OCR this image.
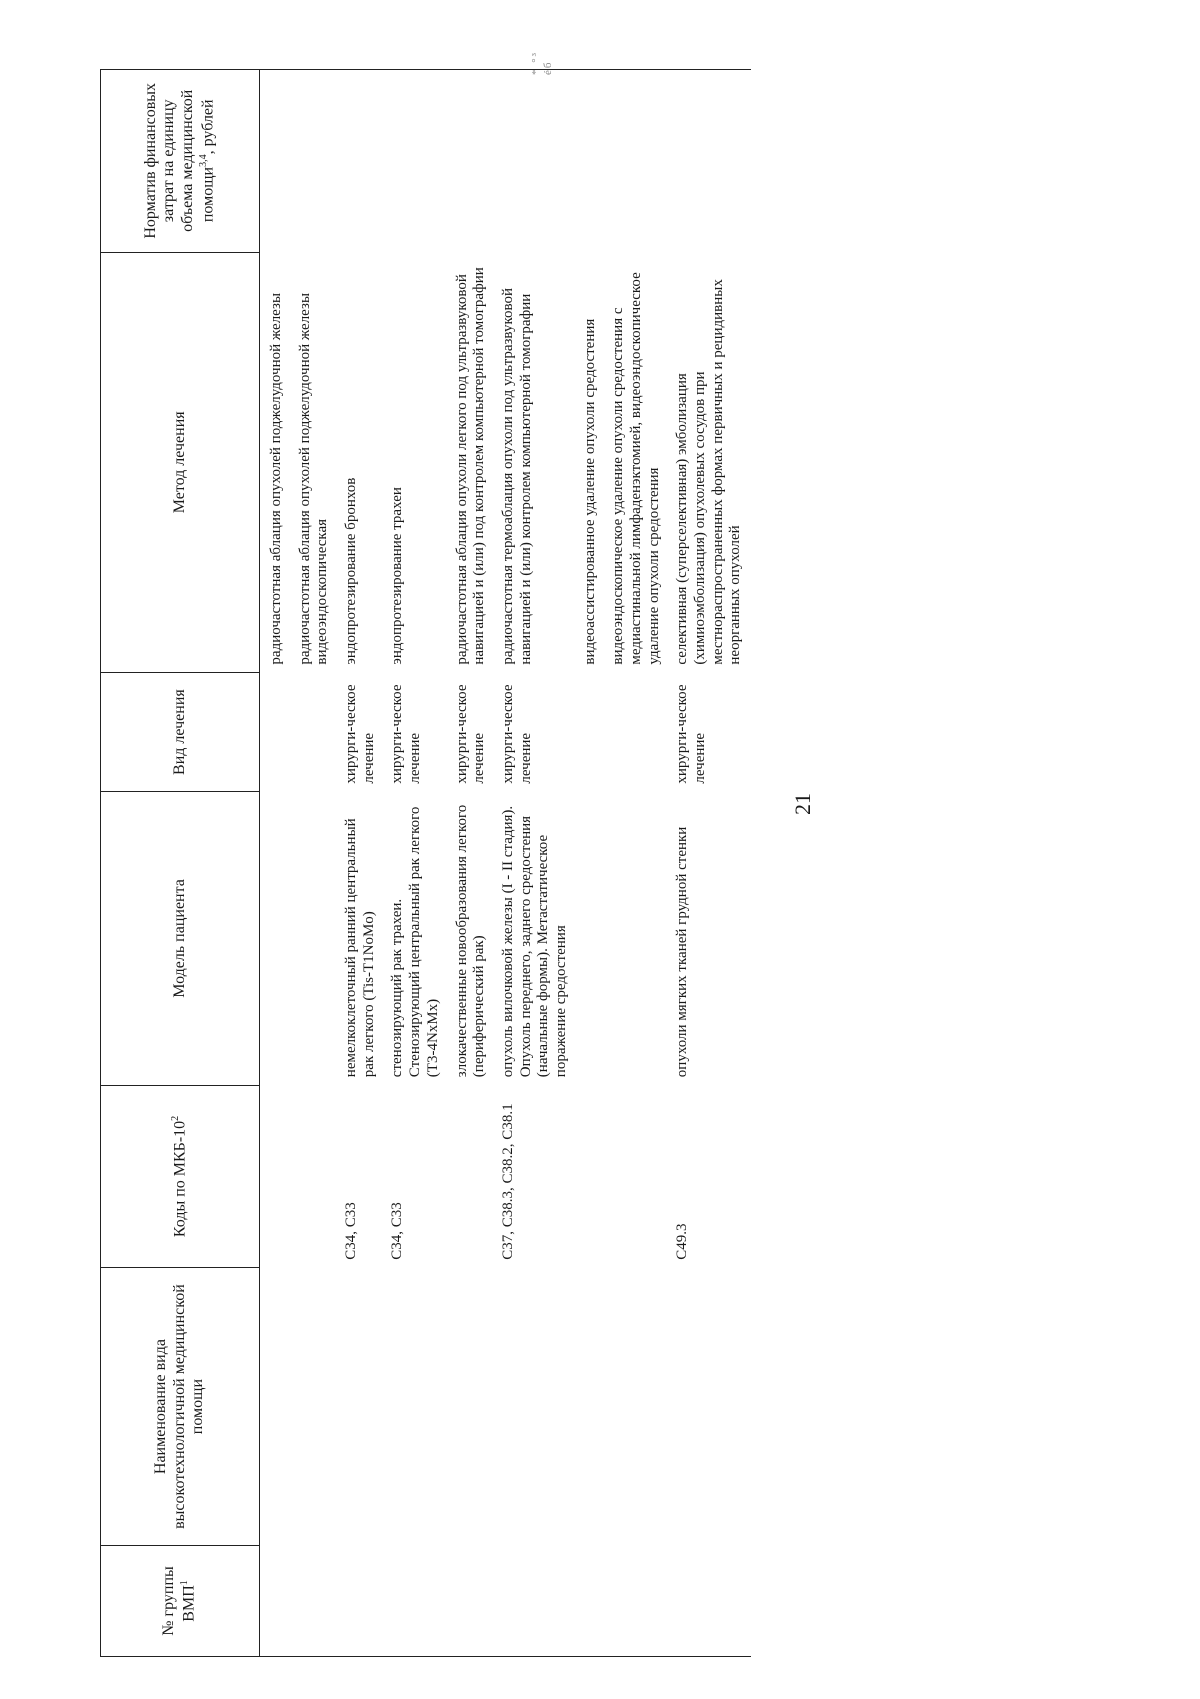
21
* °³ éб
№ группы ВМП$^1$	Наименование вида высокотехнологичной медицинской помощи	Коды по МКБ-$10^2$	Модель пациента	Вид лечения	Метод лечения	Норматив финансовых затрат на единицу объема медицинской помощи$^{3,4}$, рублей
					радиочастотная аблация опухолей поджелудочной железы	
					радиочастотная аблация опухолей поджелудочной железы видеоэндоскопическая	
		C34, C33	немелкоклеточный ранний центральный рак легкого (Tis-T1NoMo)	хирурги-ческое лечение	эндопротезирование бронхов	
		C34, C33	стенозирующий рак трахеи. Стенозирующий центральный рак легкого (T3-4NxMx)	хирурги-ческое лечение	эндопротезирование трахеи	
			злокачественные новообразования легкого (периферический рак)	хирурги-ческое лечение	радиочастотная аблация опухоли легкого под ультразвуковой навигацией и (или) под контролем компьютерной томографии	
		C37, C38.3, C38.2, C38.1	опухоль вилочковой железы (I - II стадия). Опухоль переднего, заднего средостения (начальные формы). Метастатическое поражение средостения	хирурги-ческое лечение	радиочастотная термоаблация опухоли под ультразвуковой навигацией и (или) контролем компьютерной томографии	
					видеоассистированное удаление опухоли средостения	
					видеоэндоскопическое удаление опухоли средостения с медиастинальной лимфаденэктомией, видеоэндоскопическое удаление опухоли средостения	
		C49.3	опухоли мягких тканей грудной стенки	хирурги-ческое лечение	селективная (суперселективная) эмболизация (химиоэмболизация) опухолевых сосудов при местнораспространенных формах первичных и рецидивных неорганных опухолей	
